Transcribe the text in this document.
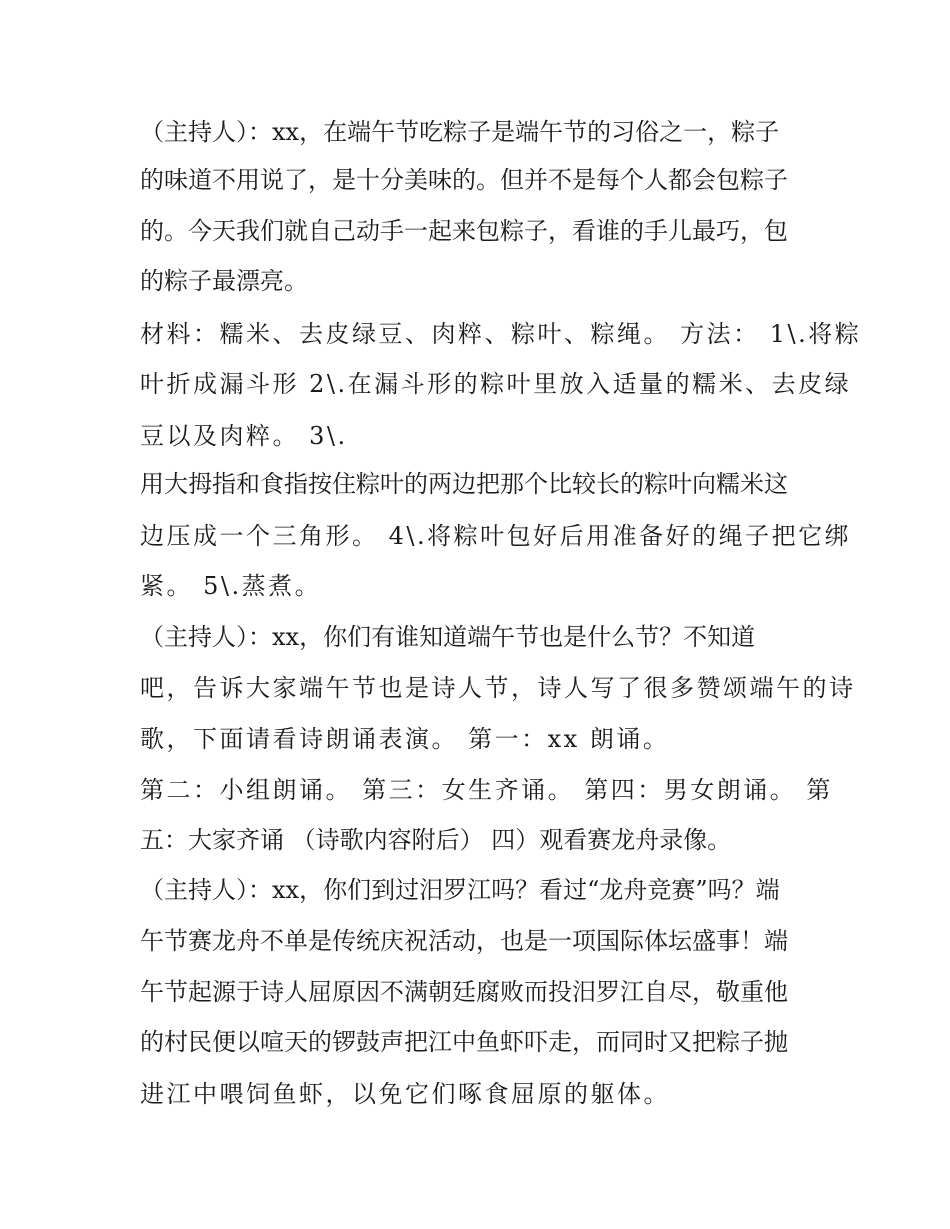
（主持人）：xx，在端午节吃粽子是端午节的习俗之一，粽子
的味道不用说了，是十分美味的。但并不是每个人都会包粽子
的。今天我们就自己动手一起来包粽子，看谁的手儿最巧，包
的粽子最漂亮。
材料：糯米、去皮绿豆、肉粹、粽叶、粽绳。 方法： 1\.将粽
叶折成漏斗形 2\.在漏斗形的粽叶里放入适量的糯米、去皮绿
豆以及肉粹。 3\.
用大拇指和食指按住粽叶的两边把那个比较长的粽叶向糯米这
边压成一个三角形。 4\.将粽叶包好后用准备好的绳子把它绑
紧。 5\.蒸煮。
（主持人）：xx，你们有谁知道端午节也是什么节？不知道
吧，告诉大家端午节也是诗人节，诗人写了很多赞颂端午的诗
歌，下面请看诗朗诵表演。 第一：xx 朗诵。
第二：小组朗诵。 第三：女生齐诵。 第四：男女朗诵。 第
五：大家齐诵 （诗歌内容附后） 四）观看赛龙舟录像。
（主持人）：xx，你们到过汨罗江吗？看过“龙舟竞赛”吗？端
午节赛龙舟不单是传统庆祝活动，也是一项国际体坛盛事！端
午节起源于诗人屈原因不满朝廷腐败而投汨罗江自尽，敬重他
的村民便以喧天的锣鼓声把江中鱼虾吓走，而同时又把粽子抛
进江中喂饲鱼虾，以免它们啄食屈原的躯体。
